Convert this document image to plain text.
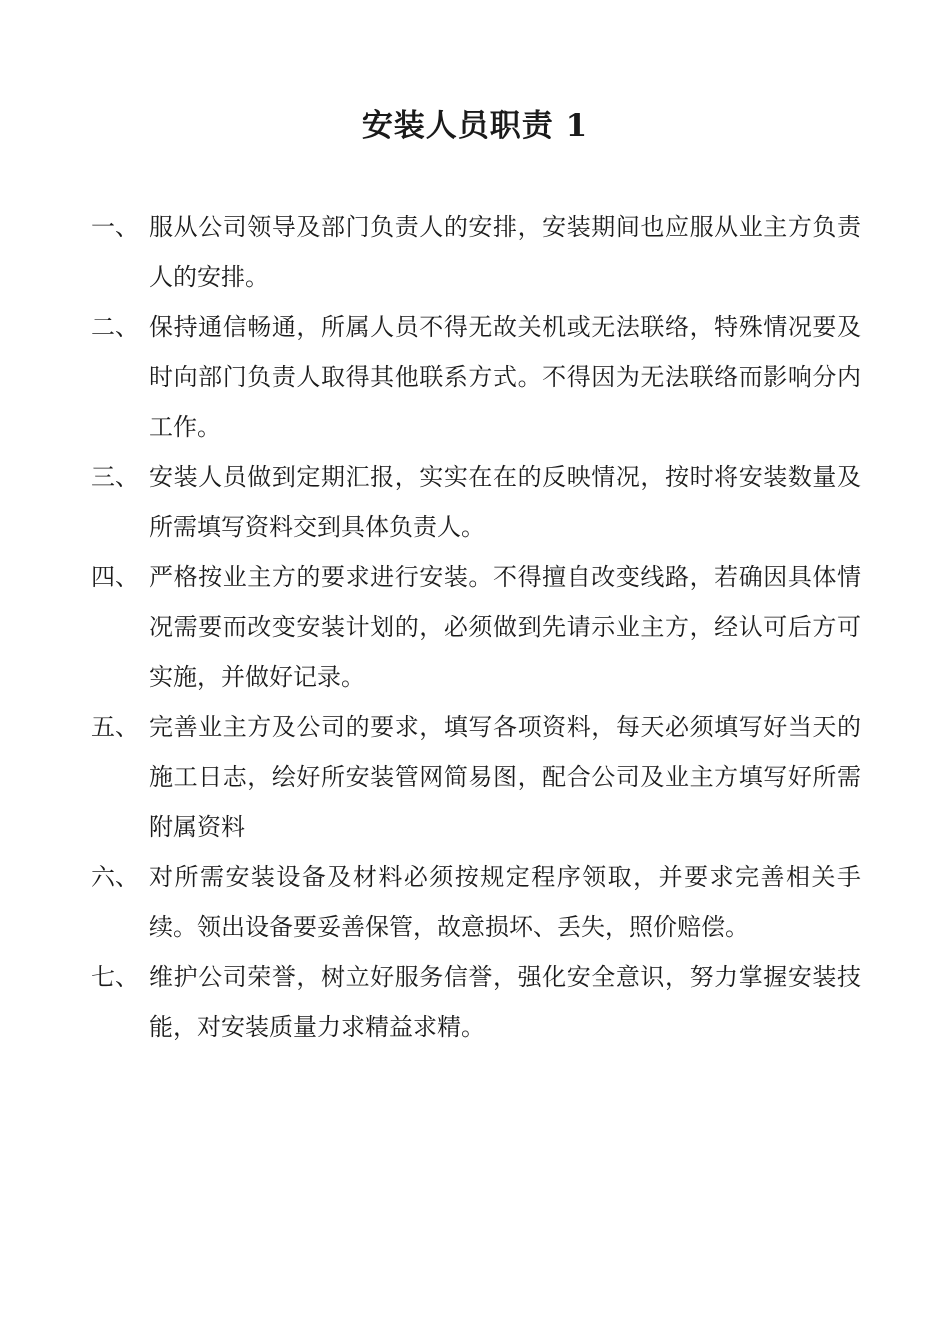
安装人员职责 1
一、 服从公司领导及部门负责人的安排，安装期间也应服从业主方负责人的安排。
二、 保持通信畅通，所属人员不得无故关机或无法联络，特殊情况要及时向部门负责人取得其他联系方式。不得因为无法联络而影响分内工作。
三、 安装人员做到定期汇报，实实在在的反映情况，按时将安装数量及所需填写资料交到具体负责人。
四、 严格按业主方的要求进行安装。不得擅自改变线路，若确因具体情况需要而改变安装计划的，必须做到先请示业主方，经认可后方可实施，并做好记录。
五、 完善业主方及公司的要求，填写各项资料，每天必须填写好当天的施工日志，绘好所安装管网简易图，配合公司及业主方填写好所需附属资料
六、 对所需安装设备及材料必须按规定程序领取，并要求完善相关手续。领出设备要妥善保管，故意损坏、丢失，照价赔偿。
七、 维护公司荣誉，树立好服务信誉，强化安全意识，努力掌握安装技能，对安装质量力求精益求精。
